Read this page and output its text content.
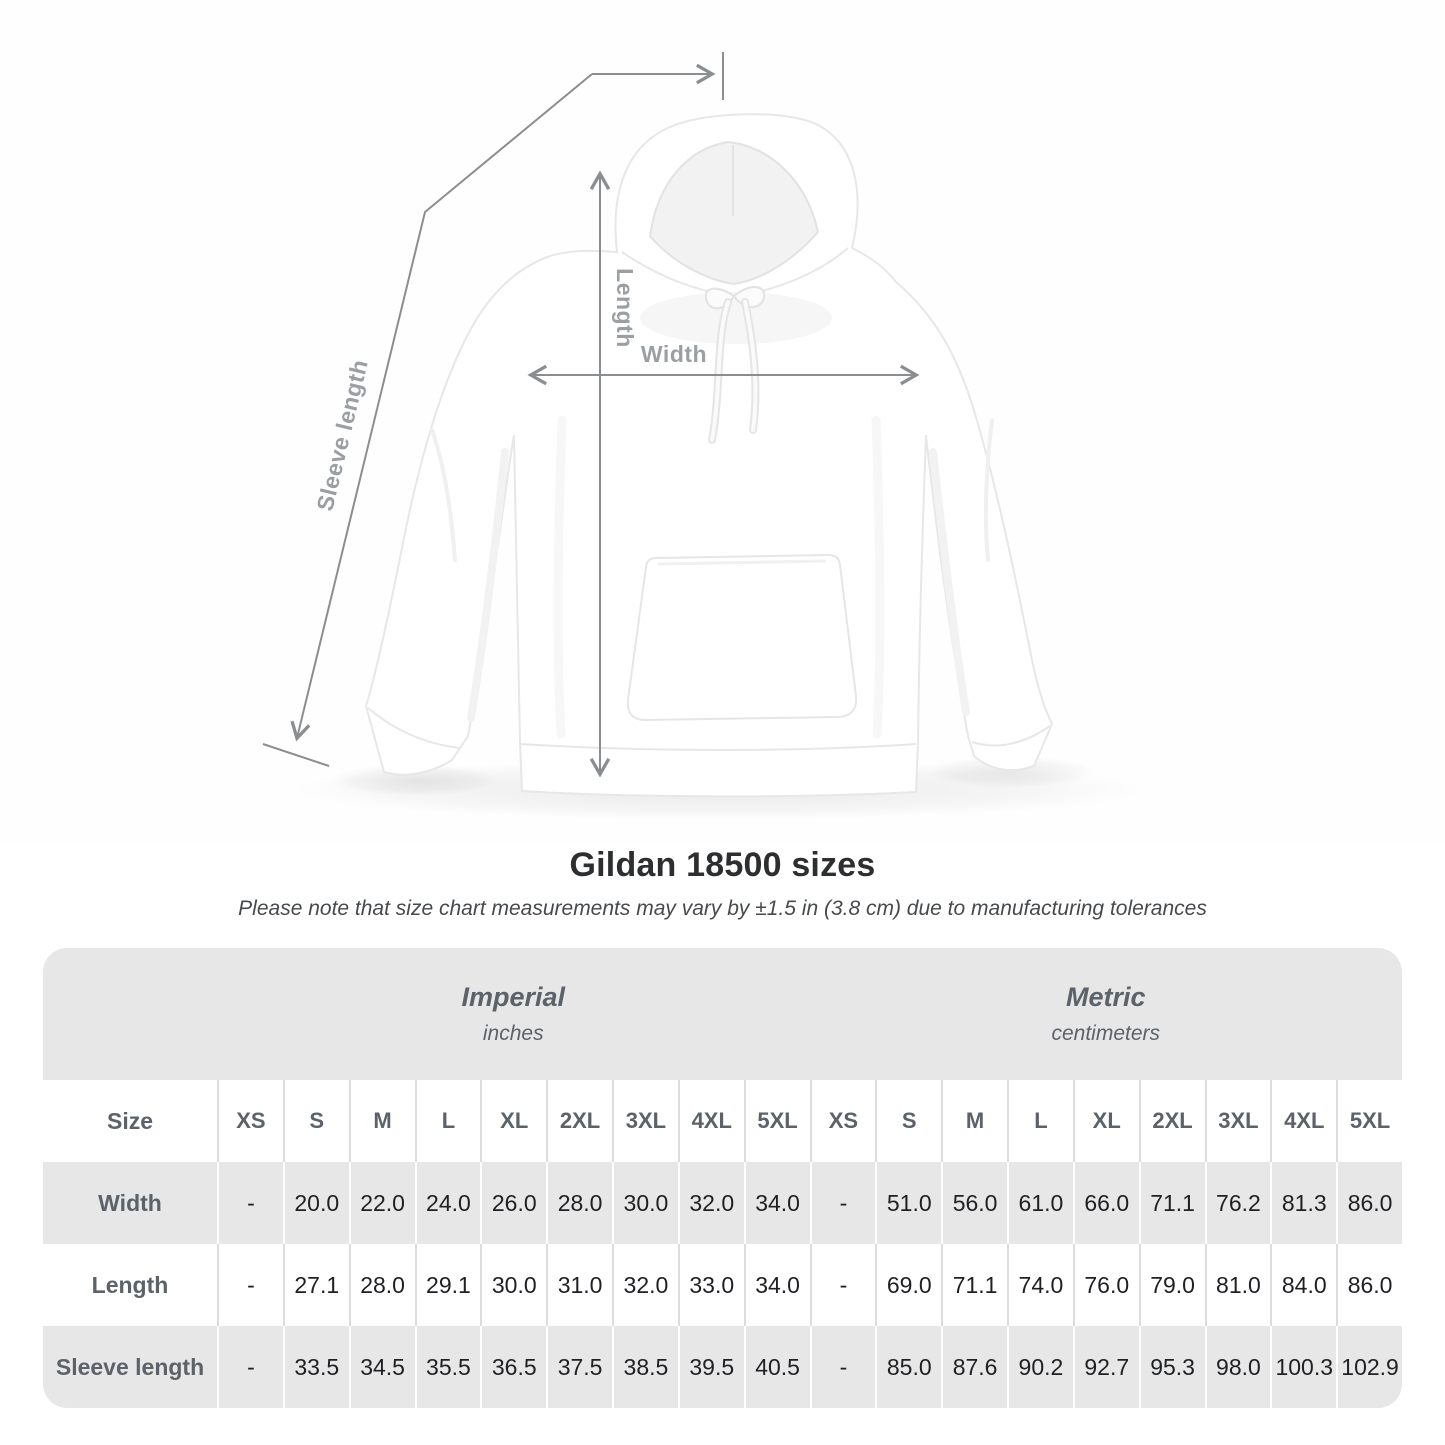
Length
Width
Sleeve length
Gildan 18500 sizes

Please note that size chart measurements may vary by ±1.5 in (3.8 cm) due to manufacturing tolerances

Imperial
inches
Metric
centimeters
Size	XS	S	M	L	XL	2XL	3XL	4XL	5XL	XS	S	M	L	XL	2XL	3XL	4XL	5XL
Width	-	20.0 22.0 24.0 26.0 28.0 30.0 32.0 34.0	-	51.0 56.0 61.0 66.0 71.1 76.2 81.3 86.0
Length	-	27.1 28.0 29.1 30.0 31.0 32.0 33.0 34.0	-	69.0 71.1 74.0 76.0 79.0 81.0 84.0 86.0
Sleeve length	-	33.5 34.5 35.5 36.5 37.5 38.5 39.5 40.5	-	85.0 87.6 90.2 92.7 95.3 98.0 100.3 102.9
